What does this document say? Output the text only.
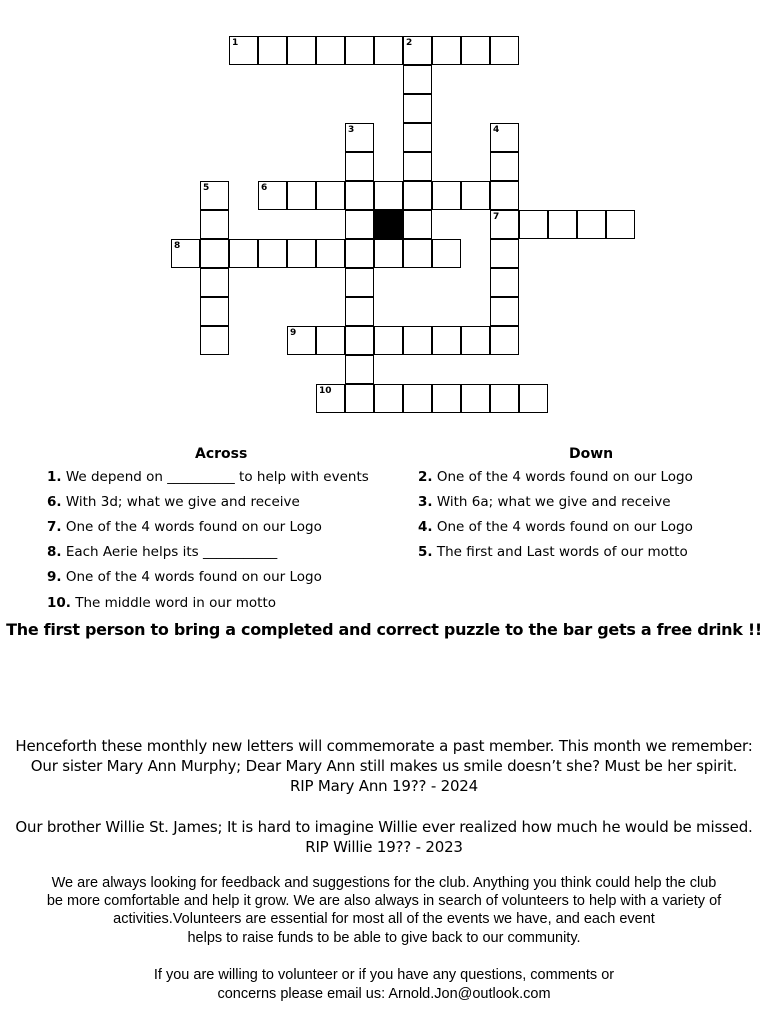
1	2
3	4
5	6
7
8
9
10
Across	Down
1. We depend on __________ to help with events
6. With 3d; what we give and receive
7. One of the 4 words found on our Logo
8. Each Aerie helps its ___________
9. One of the 4 words found on our Logo
10. The middle word in our motto
2. One of the 4 words found on our Logo
3. With 6a; what we give and receive
4. One of the 4 words found on our Logo
5. The first and Last words of our motto
The first person to bring a completed and correct puzzle to the bar gets a free drink !!
Henceforth these monthly new letters will commemorate a past member. This month we remember:
Our sister Mary Ann Murphy; Dear Mary Ann still makes us smile doesn’t she? Must be her spirit.
RIP Mary Ann 19?? - 2024
Our brother Willie St. James; It is hard to imagine Willie ever realized how much he would be missed.
RIP Willie 19?? - 2023
We are always looking for feedback and suggestions for the club. Anything you think could help the club
be more comfortable and help it grow. We are also always in search of volunteers to help with a variety of
activities.Volunteers are essential for most all of the events we have, and each event
helps to raise funds to be able to give back to our community.
If you are willing to volunteer or if you have any questions, comments or
concerns please email us: Arnold.Jon@outlook.com
